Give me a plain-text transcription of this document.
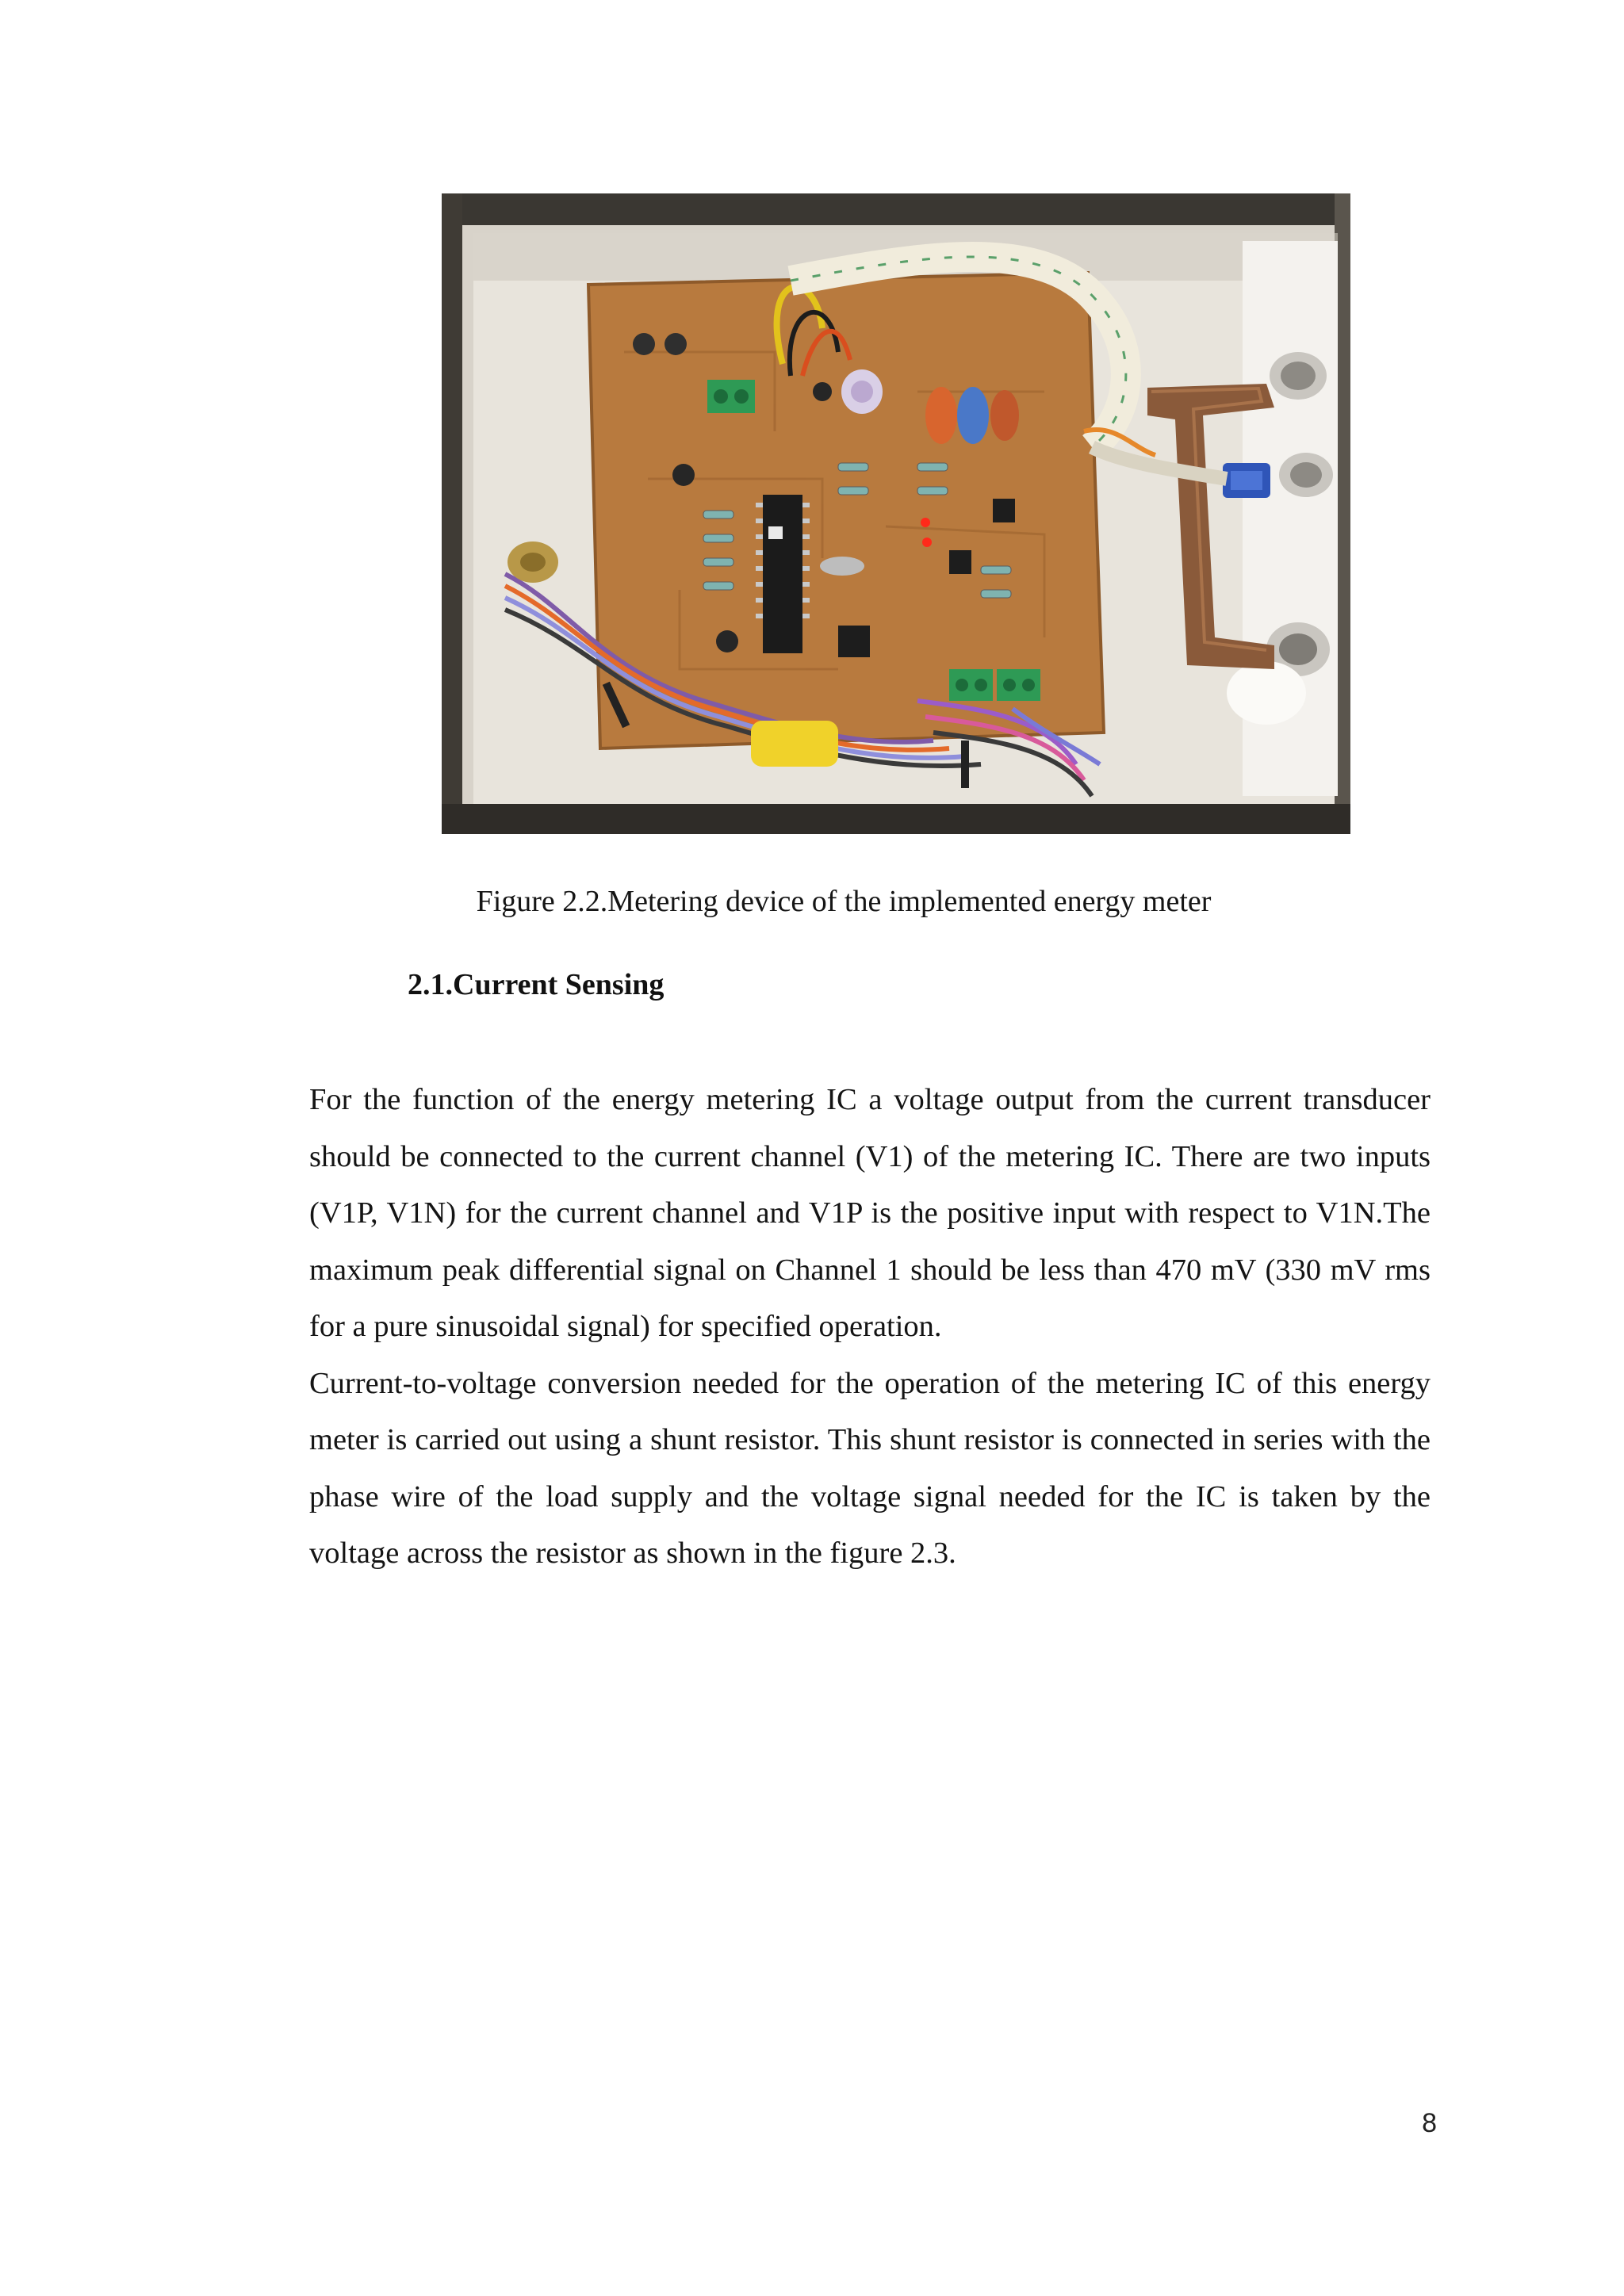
Figure 2.2.Metering device of the implemented energy meter
2.1.Current Sensing

For the function of the energy metering IC a voltage output from the current transducer should be connected to the current channel (V1) of the metering IC. There are two inputs (V1P, V1N) for the current channel and V1P is the positive input with respect to V1N.The maximum peak differential signal on Channel 1 should be less than 470 mV (330 mV rms for a pure sinusoidal signal) for specified operation.

Current-to-voltage conversion needed for the operation of the metering IC of this energy meter is carried out using a shunt resistor. This shunt resistor is connected in series with the phase wire of the load supply and the voltage signal needed for the IC is taken by the voltage across the resistor as shown in the figure 2.3.

8
